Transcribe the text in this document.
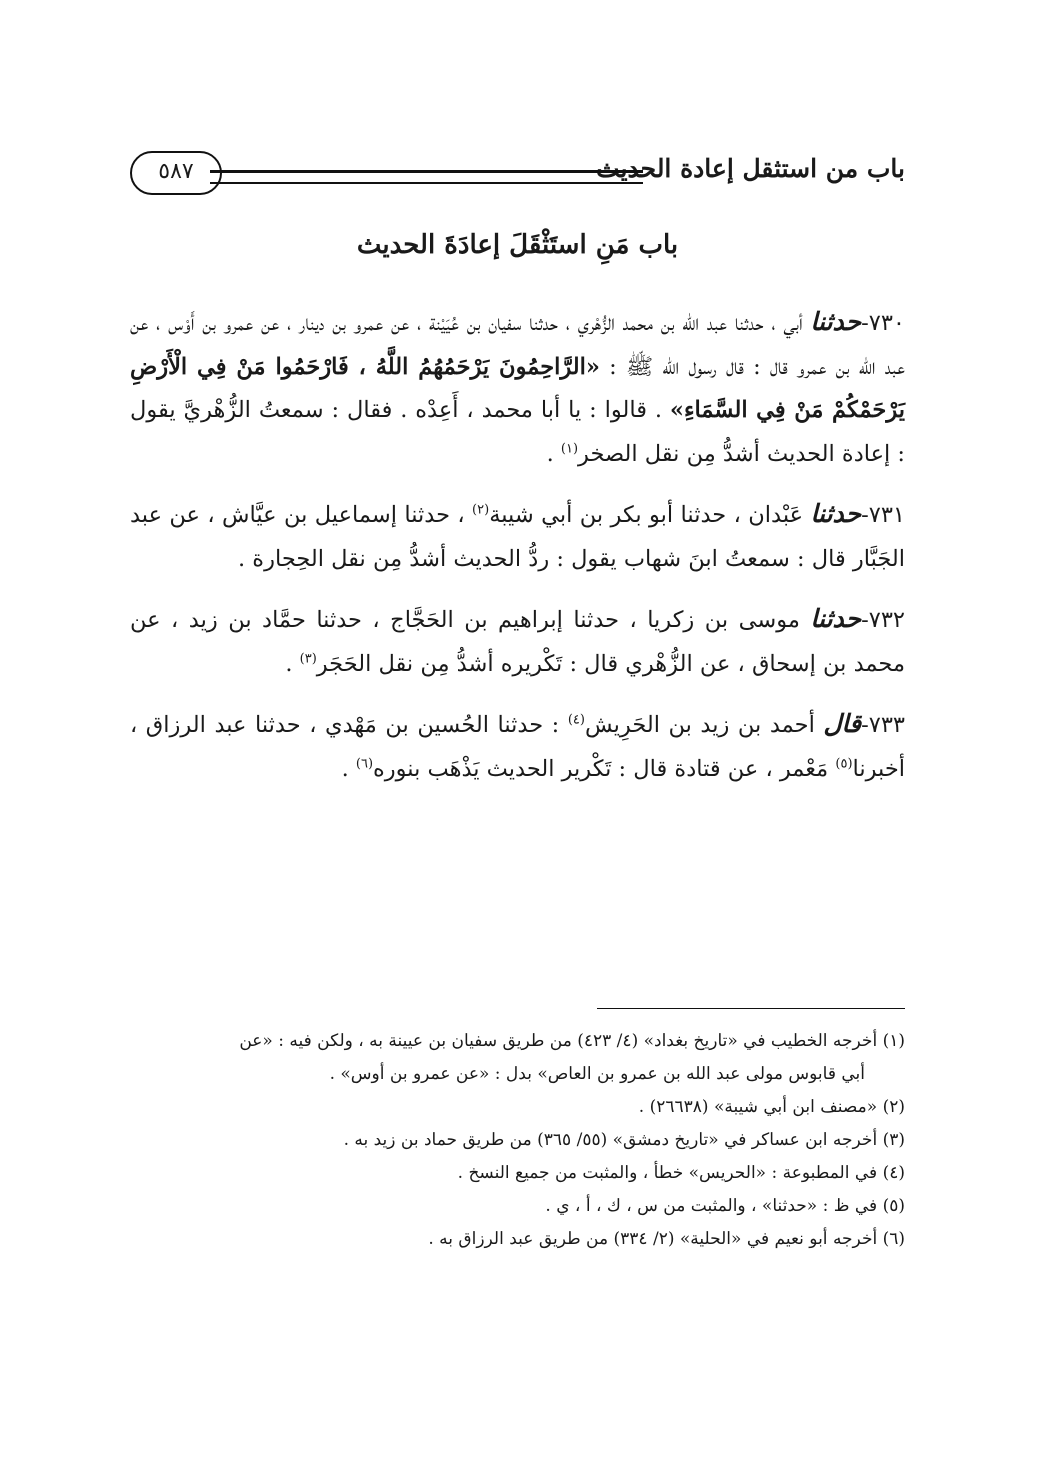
باب من استثقل إعادة الحديث
٥٨٧
باب مَنِ استَثْقَلَ إعادَةَ الحديث

٧٣٠-حدثنا أبي ، حدثنا عبد الله بن محمد الزُّهْري ، حدثنا سفيان بن عُيَيْنة ، عن عمرو بن دينار ، عن عمرو بن أَوْس ، عن عبد الله بن عمرو قال : قال رسول الله ﷺ : «الرَّاحِمُونَ يَرْحَمُهُمُ اللَّهُ ، فَارْحَمُوا مَنْ فِي الْأَرْضِ يَرْحَمْكُمْ مَنْ فِي السَّمَاءِ» . قالوا : يا أبا محمد ، أَعِدْه . فقال : سمعتُ الزُّهْريَّ يقول : إعادة الحديث أشدُّ مِن نقل الصخر$^{(١)}$ .

٧٣١-حدثنا عَبْدان ، حدثنا أبو بكر بن أبي شيبة$^{(٢)}$ ، حدثنا إسماعيل بن عيَّاش ، عن عبد الجَبَّار قال : سمعتُ ابنَ شهاب يقول : ردُّ الحديث أشدُّ مِن نقل الحِجارة .

٧٣٢-حدثنا موسى بن زكريا ، حدثنا إبراهيم بن الحَجَّاج ، حدثنا حمَّاد بن زيد ، عن محمد بن إسحاق ، عن الزُّهْري قال : تَكْريره أشدُّ مِن نقل الحَجَر$^{(٣)}$ .

٧٣٣-قال أحمد بن زيد بن الحَرِيش$^{(٤)}$ : حدثنا الحُسين بن مَهْدي ، حدثنا عبد الرزاق ، أخبرنا$^{(٥)}$ مَعْمر ، عن قتادة قال : تَكْرير الحديث يَذْهَب بنوره$^{(٦)}$ .

(١) أخرجه الخطيب في «تاريخ بغداد» (٤/ ٤٢٣) من طريق سفيان بن عيينة به ، ولكن فيه : «عن

أبي قابوس مولى عبد الله بن عمرو بن العاص» بدل : «عن عمرو بن أوس» .

(٢) «مصنف ابن أبي شيبة» (٢٦٦٣٨) .

(٣) أخرجه ابن عساكر في «تاريخ دمشق» (٥٥/ ٣٦٥) من طريق حماد بن زيد به .

(٤) في المطبوعة : «الحريس» خطأ ، والمثبت من جميع النسخ .

(٥) في ظ : «حدثنا» ، والمثبت من س ، ك ، أ ، ي .

(٦) أخرجه أبو نعيم في «الحلية» (٢/ ٣٣٤) من طريق عبد الرزاق به .
